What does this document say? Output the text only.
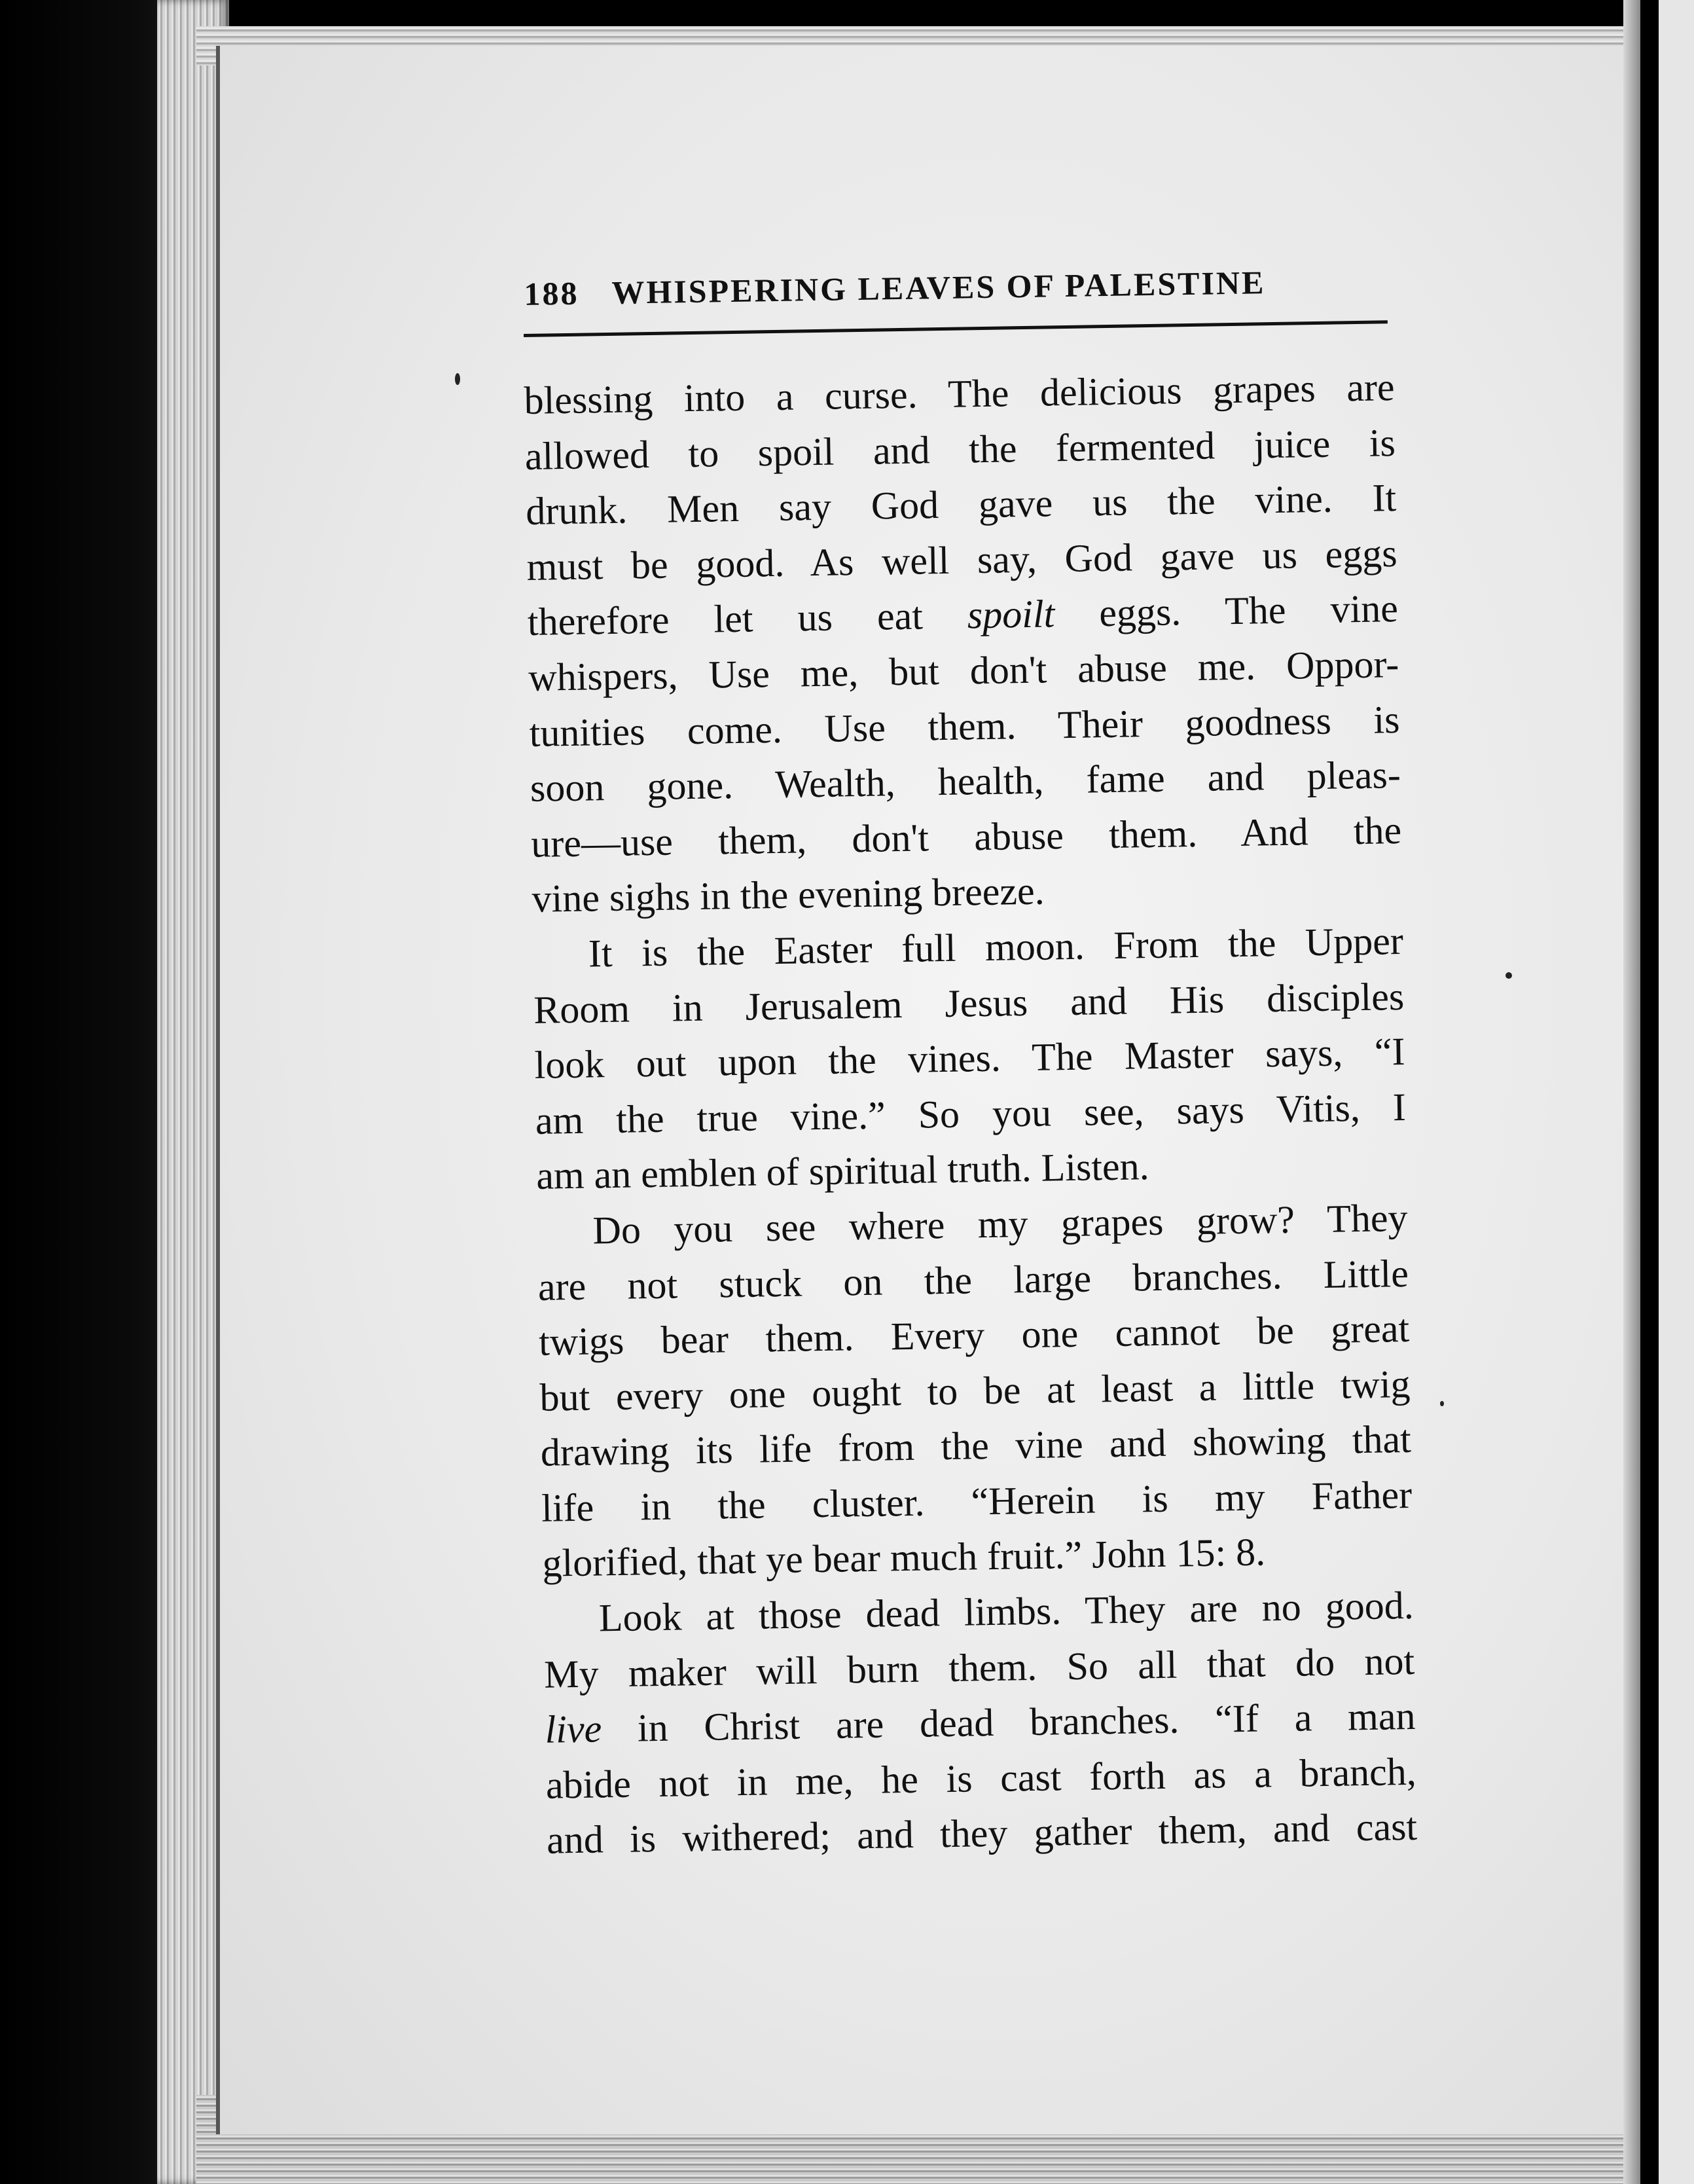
188 WHISPERING LEAVES OF PALESTINE

blessing into a curse. The delicious grapes are
allowed to spoil and the fermented juice is
drunk. Men say God gave us the vine. It
must be good. As well say, God gave us eggs
therefore let us eat spoilt eggs. The vine
whispers, Use me, but don't abuse me. Oppor-
tunities come. Use them. Their goodness is
soon gone. Wealth, health, fame and pleas-
ure—use them, don't abuse them. And the
vine sighs in the evening breeze.

It is the Easter full moon. From the Upper
Room in Jerusalem Jesus and His disciples
look out upon the vines. The Master says, “I
am the true vine.” So you see, says Vitis, I
am an emblen of spiritual truth. Listen.

Do you see where my grapes grow? They
are not stuck on the large branches. Little
twigs bear them. Every one cannot be great
but every one ought to be at least a little twig
drawing its life from the vine and showing that
life in the cluster. “Herein is my Father
glorified, that ye bear much fruit.” John 15: 8.

Look at those dead limbs. They are no good.
My maker will burn them. So all that do not
live in Christ are dead branches. “If a man
abide not in me, he is cast forth as a branch,
and is withered; and they gather them, and cast
